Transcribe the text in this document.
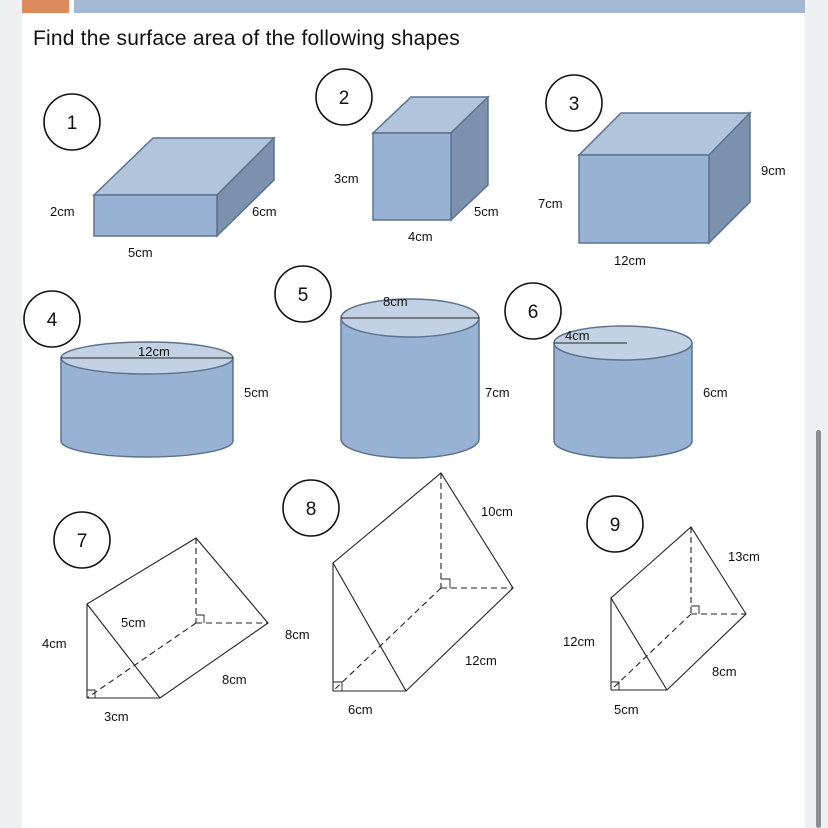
Find the surface area of the following shapes
1
2cm	6cm
5cm
2
3cm
5cm
4cm
3
9cm
7cm
12cm
4
12cm
5cm
5	8cm
7cm
6
4cm
6cm
7
5cm
4cm
8cm
3cm
8	10cm
8cm
12cm
6cm
9
13cm
12cm
8cm
5cm
